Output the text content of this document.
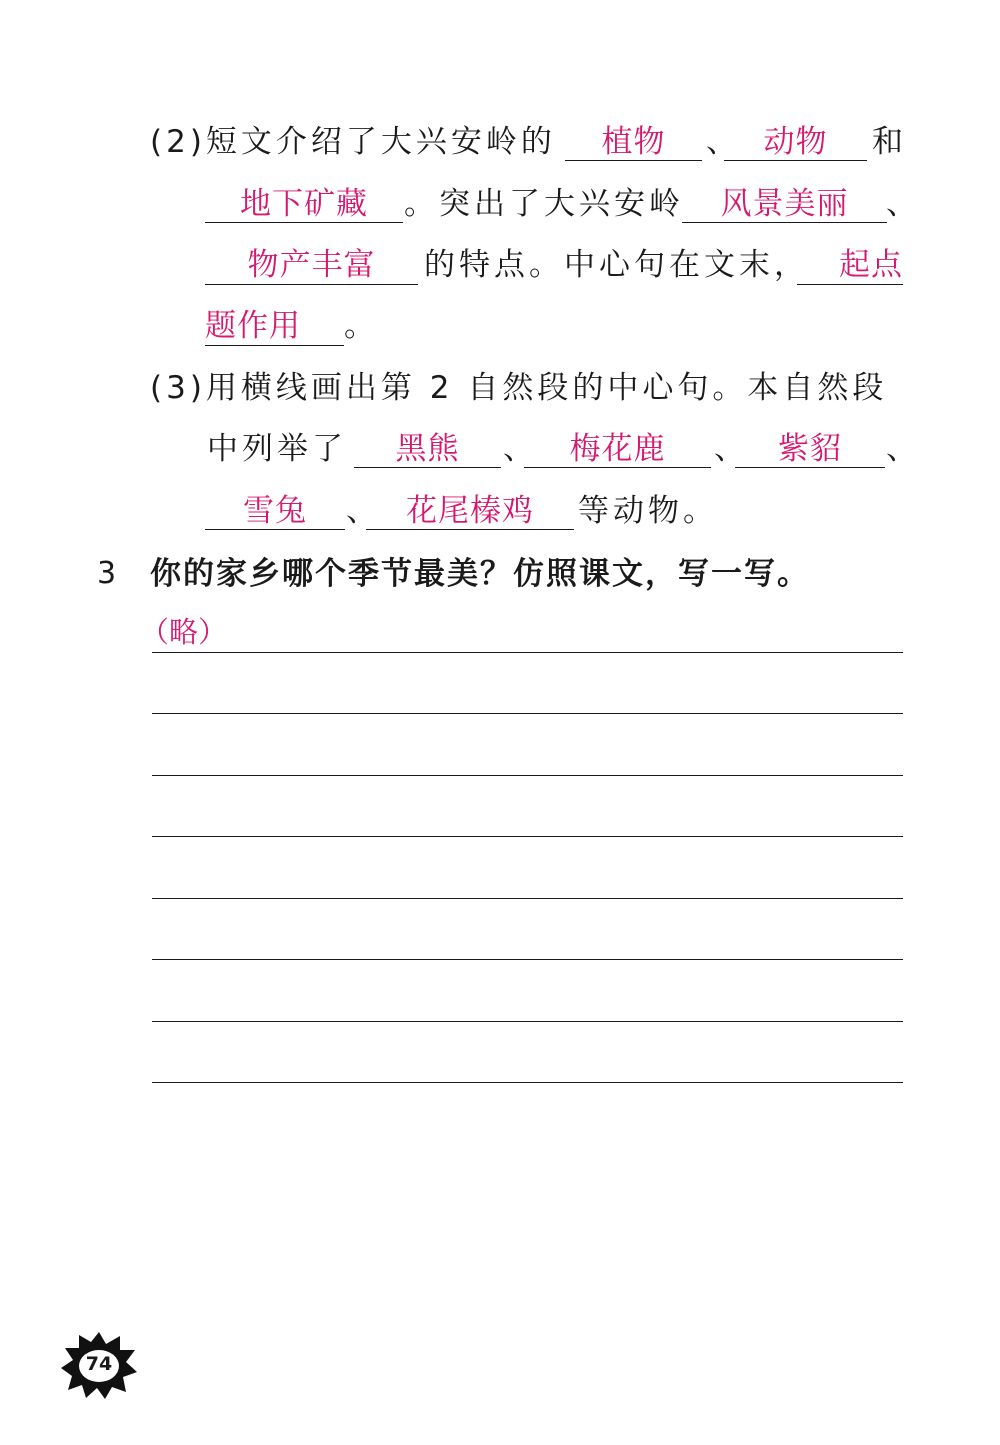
(2)短文介绍了大兴安岭的	植物	、 动物	和
地下矿藏	。突出了大兴安岭	风景美丽	、
物产丰富	的特点。中心句在文末， 起点
题作用	。
(3)用横线画出第 2 自然段的中心句。本自然段
中列举了	黑熊	、	梅花鹿	、 紫貂	、
雪兔	、 花尾榛鸡	等动物。
3 你的家乡哪个季节最美？仿照课文，写一写。
（略）
74
